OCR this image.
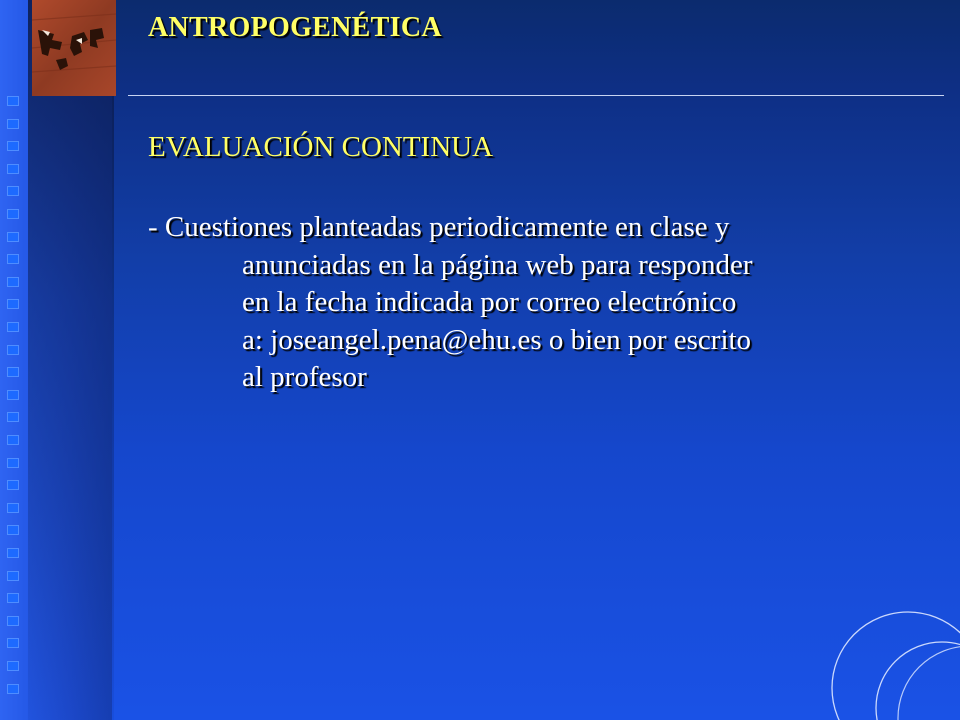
ANTROPOGENÉTICA
EVALUACIÓN CONTINUA
- Cuestiones planteadas periodicamente en clase y
anunciadas en la página web para responder
en la fecha indicada por correo electrónico
a: joseangel.pena@ehu.es o bien por escrito
al profesor
